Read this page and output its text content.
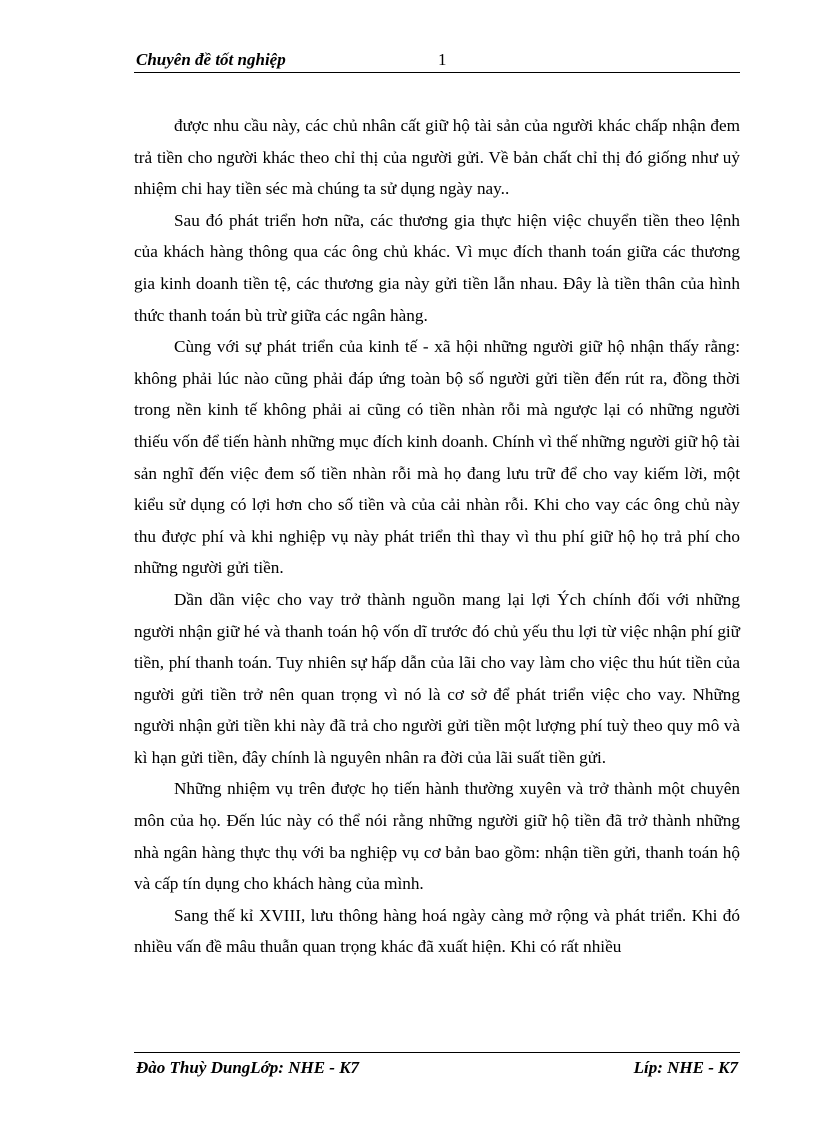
Chuyên đề tốt nghiệp	1

được nhu cầu này, các chủ nhân cất giữ hộ tài sản của người khác chấp nhận đem trả tiền cho người khác theo chỉ thị của người gửi. Về bản chất chỉ thị đó giống như uỷ nhiệm chi hay tiền séc mà chúng ta sử dụng ngày nay..

Sau đó phát triển hơn nữa, các thương gia thực hiện việc chuyển tiền theo lệnh của khách hàng thông qua các ông chủ khác. Vì mục đích thanh toán giữa các thương gia kinh doanh tiền tệ, các thương gia này gửi tiền lẫn nhau. Đây là tiền thân của hình thức thanh toán bù trừ giữa các ngân hàng.

Cùng với sự phát triển của kinh tế - xã hội những người giữ hộ nhận thấy rằng: không phải lúc nào cũng phải đáp ứng toàn bộ số người gửi tiền đến rút ra, đồng thời trong nền kinh tế không phải ai cũng có tiền nhàn rỗi mà ngược lại có những người thiếu vốn để tiến hành những mục đích kinh doanh. Chính vì thế những người giữ hộ tài sản nghĩ đến việc đem số tiền nhàn rỗi mà họ đang lưu trữ để cho vay kiếm lời, một kiểu sử dụng có lợi hơn cho số tiền và của cải nhàn rỗi. Khi cho vay các ông chủ này thu được phí và khi nghiệp vụ này phát triển thì thay vì thu phí giữ hộ họ trả phí cho những người gửi tiền.

Dần dần việc cho vay trở thành nguồn mang lại lợi Ých chính đối với những người nhận giữ hé và thanh toán hộ vốn dĩ trước đó chủ yếu thu lợi từ việc nhận phí giữ tiền, phí thanh toán. Tuy nhiên sự hấp dẫn của lãi cho vay làm cho việc thu hút tiền của người gửi tiền trở nên quan trọng vì nó là cơ sở để phát triển việc cho vay. Những người nhận gửi tiền khi này đã trả cho người gửi tiền một lượng phí tuỳ theo quy mô và kì hạn gửi tiền, đây chính là nguyên nhân ra đời của lãi suất tiền gửi.

Những nhiệm vụ trên được họ tiến hành thường xuyên và trở thành một chuyên môn của họ. Đến lúc này có thể nói rằng những người giữ hộ tiền đã trở thành những nhà ngân hàng thực thụ với ba nghiệp vụ cơ bản bao gồm: nhận tiền gửi, thanh toán hộ và cấp tín dụng cho khách hàng của mình.

Sang thế kỉ XVIII, lưu thông hàng hoá ngày càng mở rộng và phát triển. Khi đó nhiều vấn đề mâu thuẫn quan trọng khác đã xuất hiện. Khi có rất nhiều

Đào Thuỳ DungLớp: NHE - K7	Líp: NHE - K7
